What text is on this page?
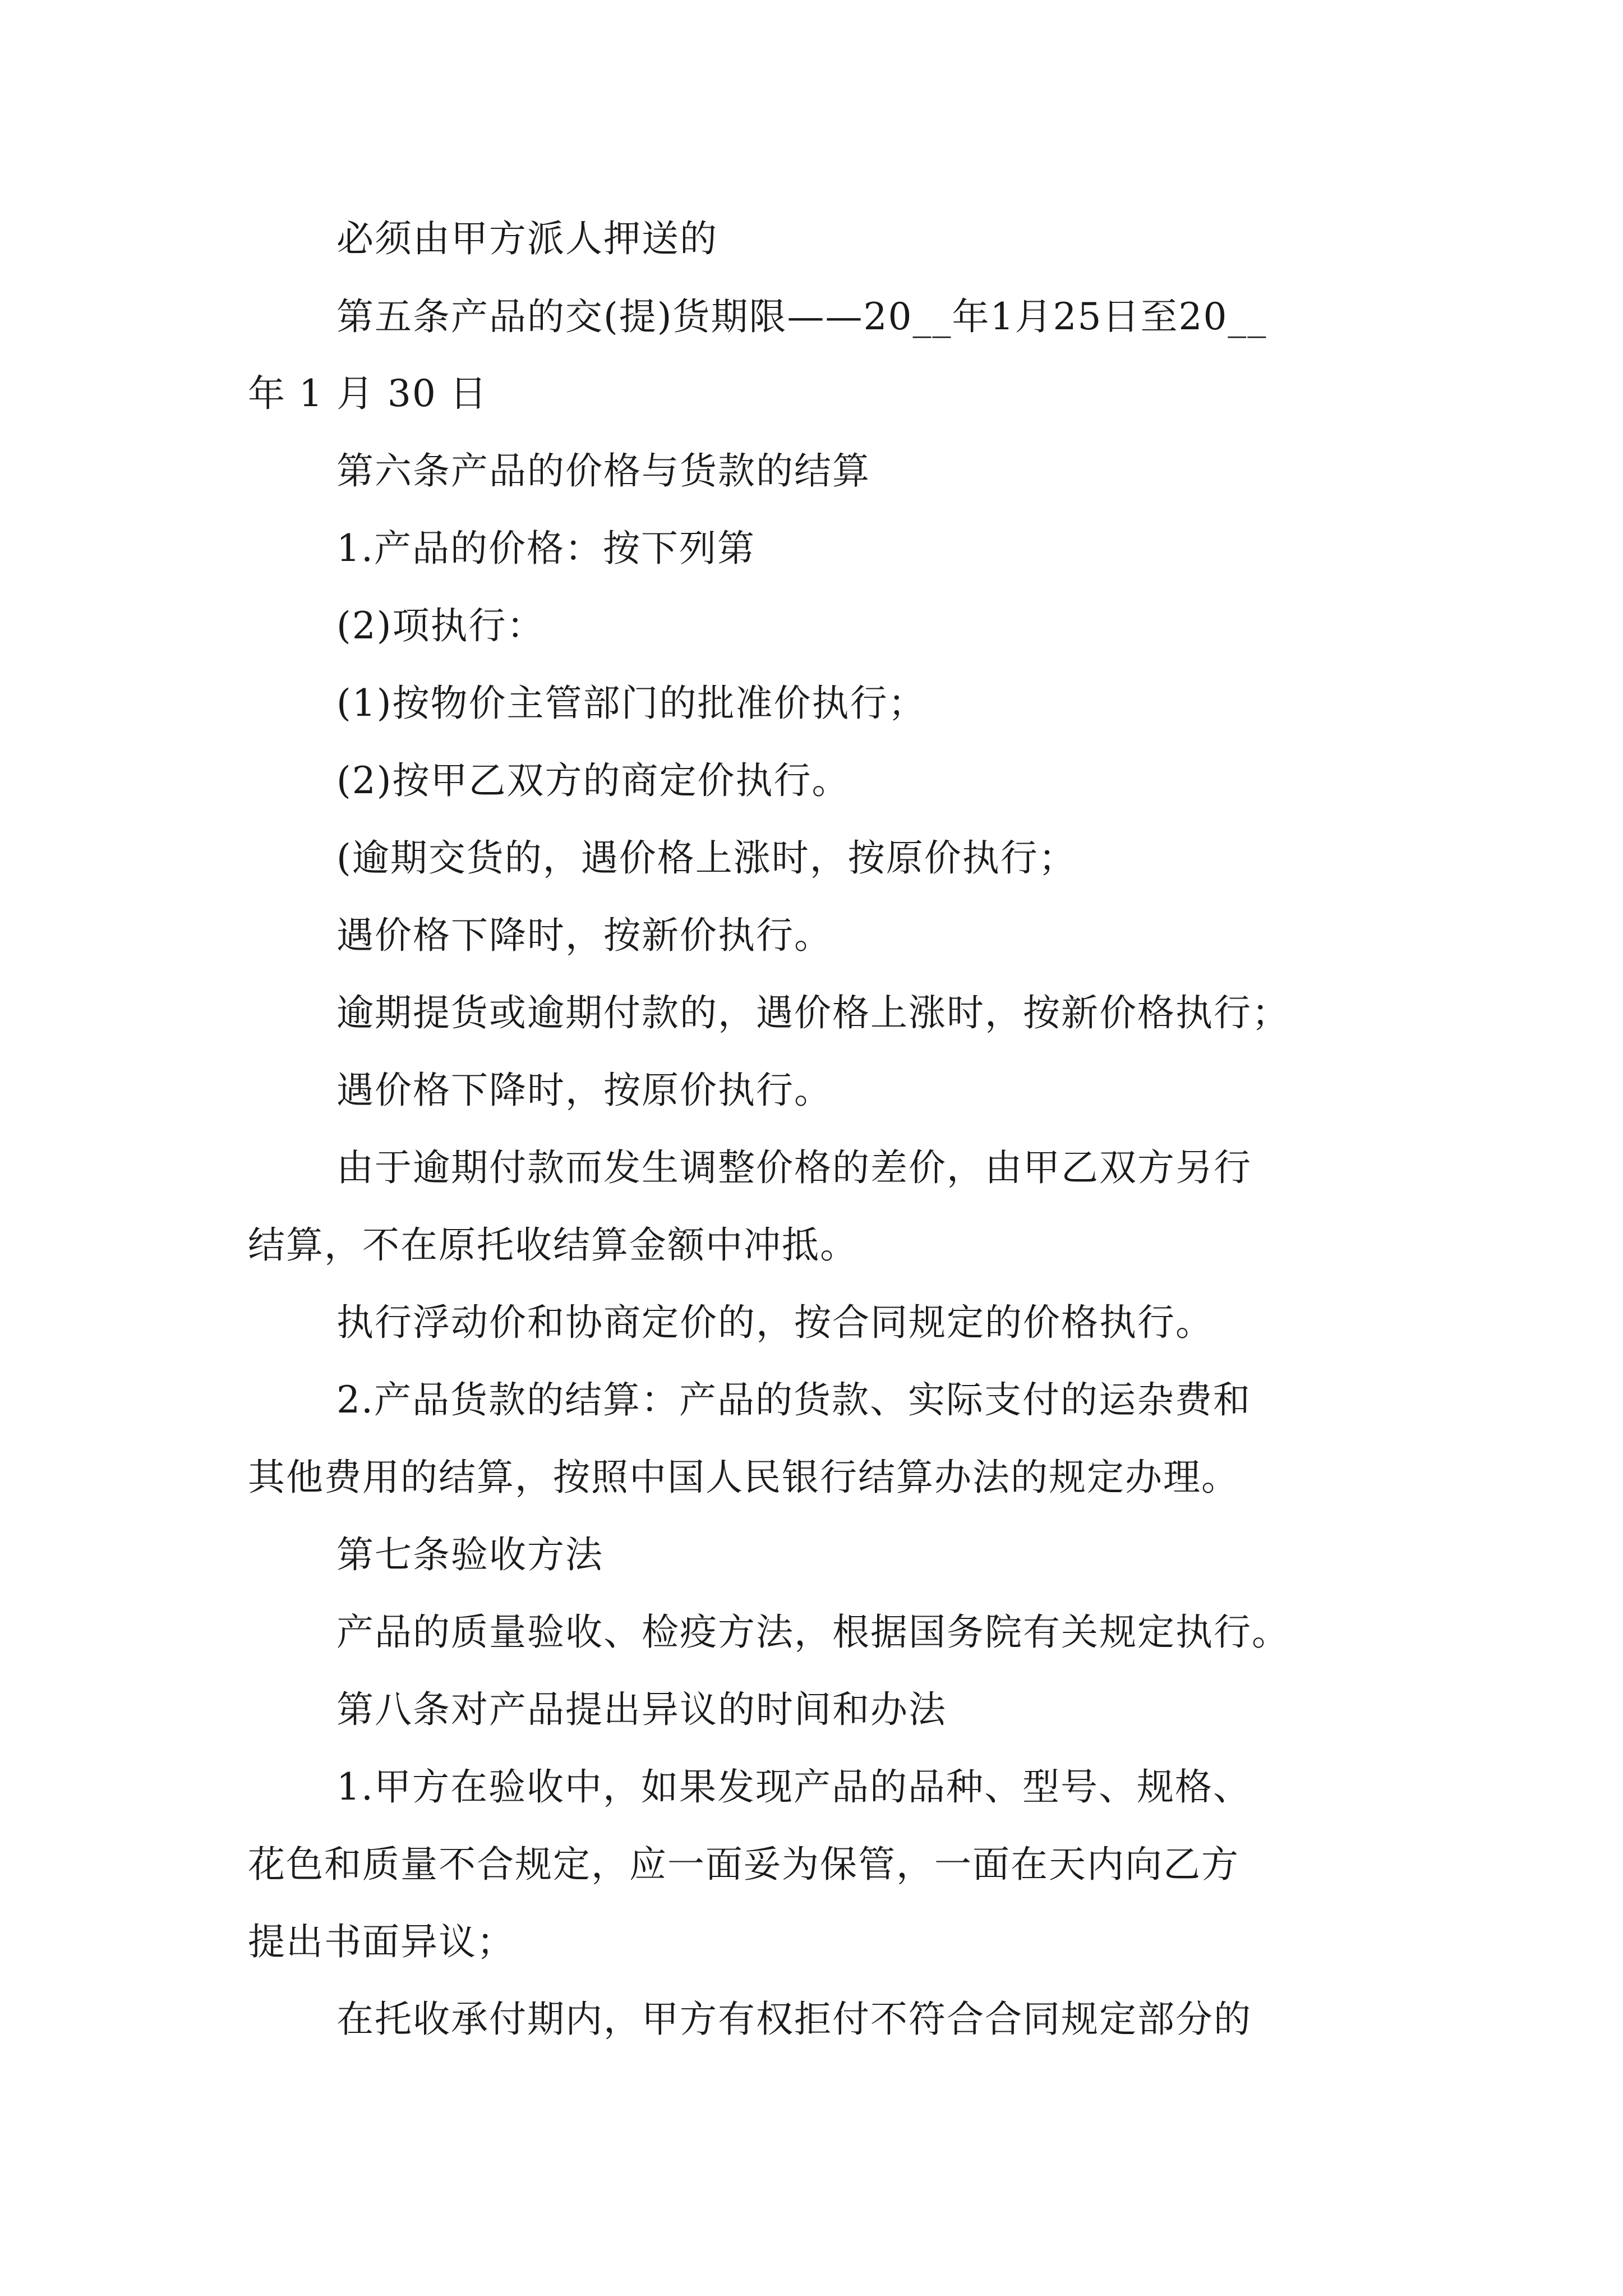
必须由甲方派人押送的
第五条产品的交(提)货期限——20__年1月25日至20__
年 1 月 30 日
第六条产品的价格与货款的结算
1.产品的价格：按下列第
(2)项执行：
(1)按物价主管部门的批准价执行；
(2)按甲乙双方的商定价执行。
(逾期交货的，遇价格上涨时，按原价执行；
遇价格下降时，按新价执行。
逾期提货或逾期付款的，遇价格上涨时，按新价格执行；
遇价格下降时，按原价执行。
由于逾期付款而发生调整价格的差价，由甲乙双方另行
结算，不在原托收结算金额中冲抵。
执行浮动价和协商定价的，按合同规定的价格执行。
2.产品货款的结算：产品的货款、实际支付的运杂费和
其他费用的结算，按照中国人民银行结算办法的规定办理。
第七条验收方法
产品的质量验收、检疫方法，根据国务院有关规定执行。
第八条对产品提出异议的时间和办法
1.甲方在验收中，如果发现产品的品种、型号、规格、
花色和质量不合规定，应一面妥为保管，一面在天内向乙方
提出书面异议；
在托收承付期内，甲方有权拒付不符合合同规定部分的
